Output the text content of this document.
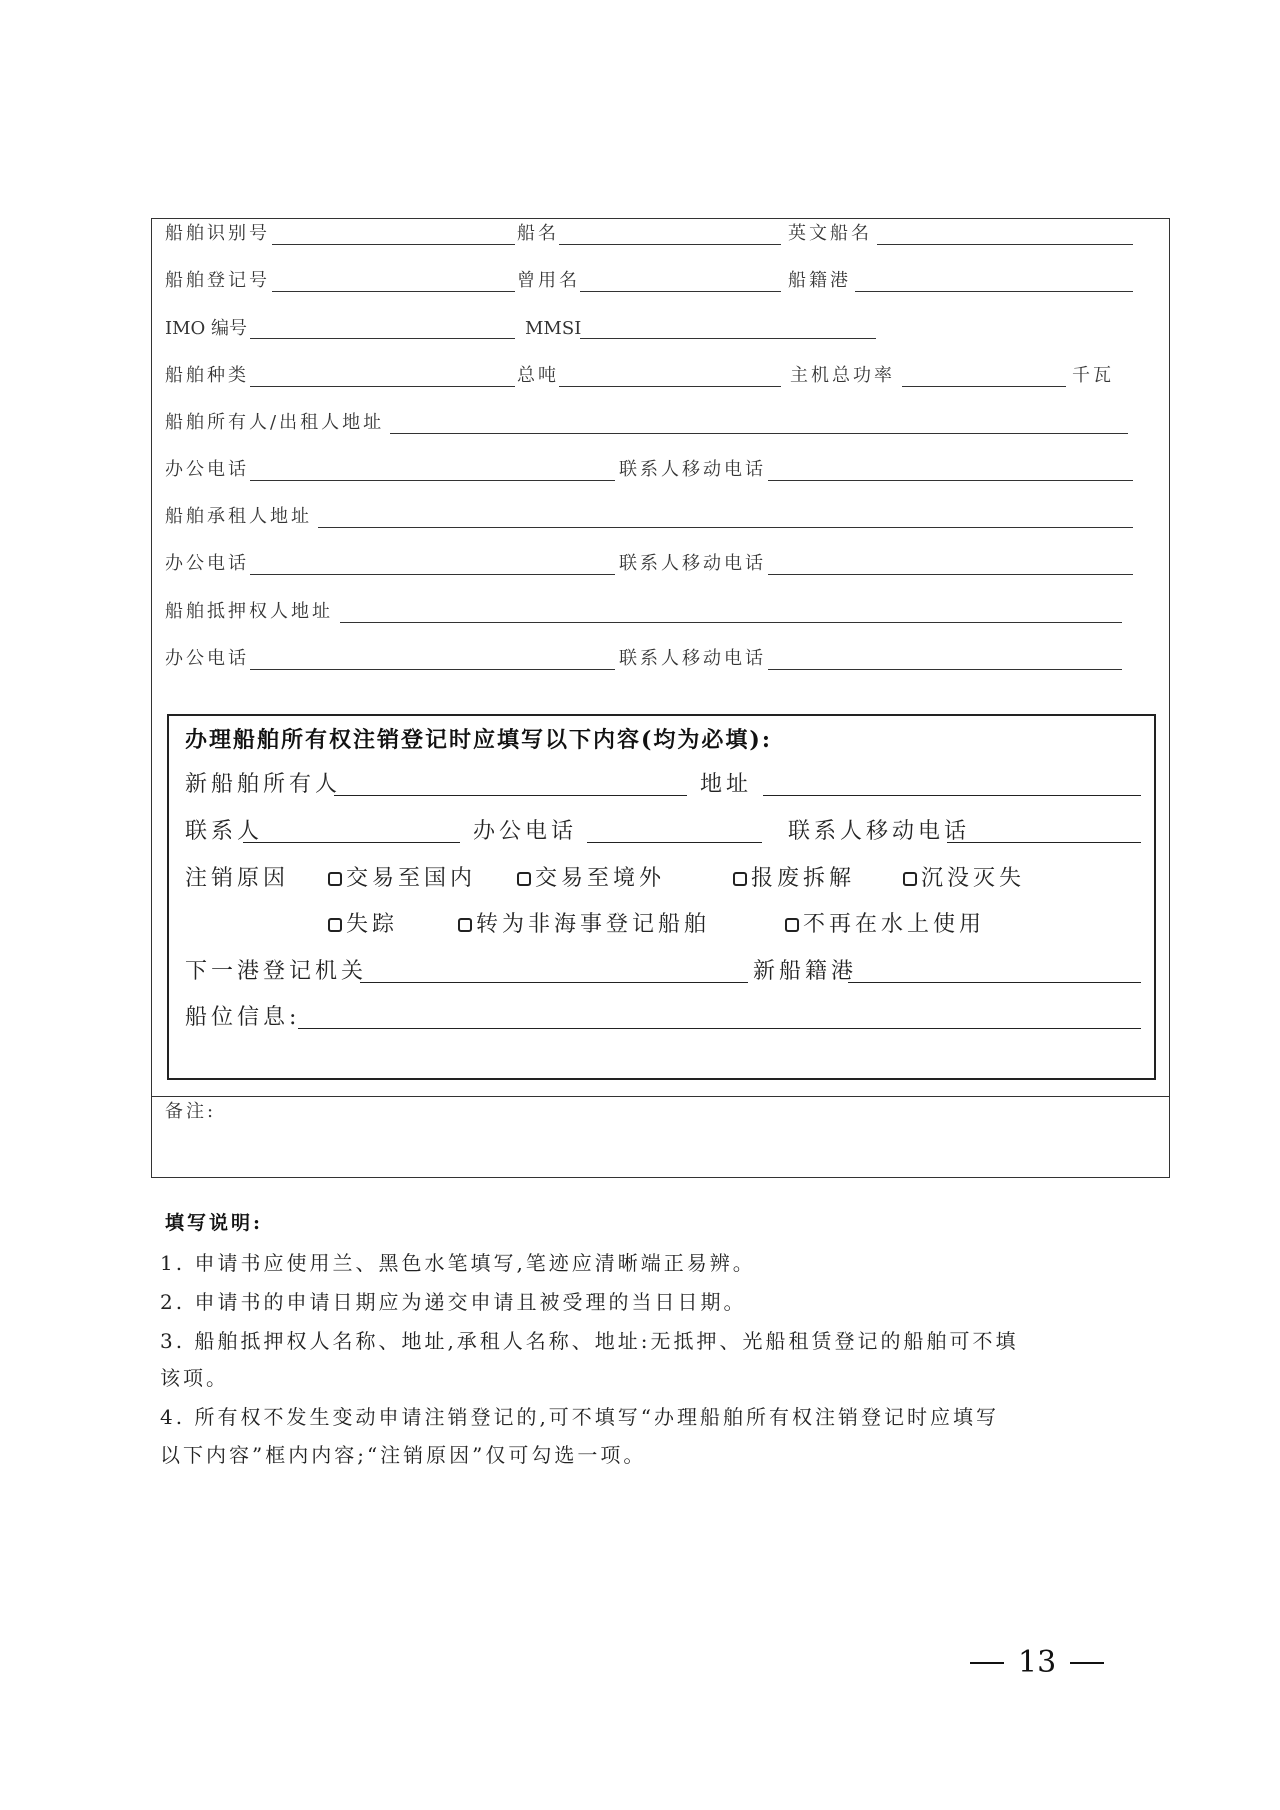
船舶识别号	船名	英文船名
船舶登记号	曾用名	船籍港
IMO 编号	MMSI
船舶种类	总吨	主机总功率	千瓦
船舶所有人/出租人地址
办公电话	联系人移动电话
船舶承租人地址
办公电话	联系人移动电话
船舶抵押权人地址
办公电话	联系人移动电话
办理船舶所有权注销登记时应填写以下内容(均为必填):
新船舶所有人	地址
联系人	办公电话	联系人移动电话
注销原因	交易至国内	交易至境外	报废拆解	沉没灭失
失踪	转为非海事登记船舶	不再在水上使用
下一港登记机关	新船籍港
船位信息:
备注:
填写说明:
1. 申请书应使用兰、黑色水笔填写,笔迹应清晰端正易辨。
2. 申请书的申请日期应为递交申请且被受理的当日日期。
3. 船舶抵押权人名称、地址,承租人名称、地址:无抵押、光船租赁登记的船舶可不填
该项。
4. 所有权不发生变动申请注销登记的,可不填写“办理船舶所有权注销登记时应填写
以下内容”框内内容;“注销原因”仅可勾选一项。
13
